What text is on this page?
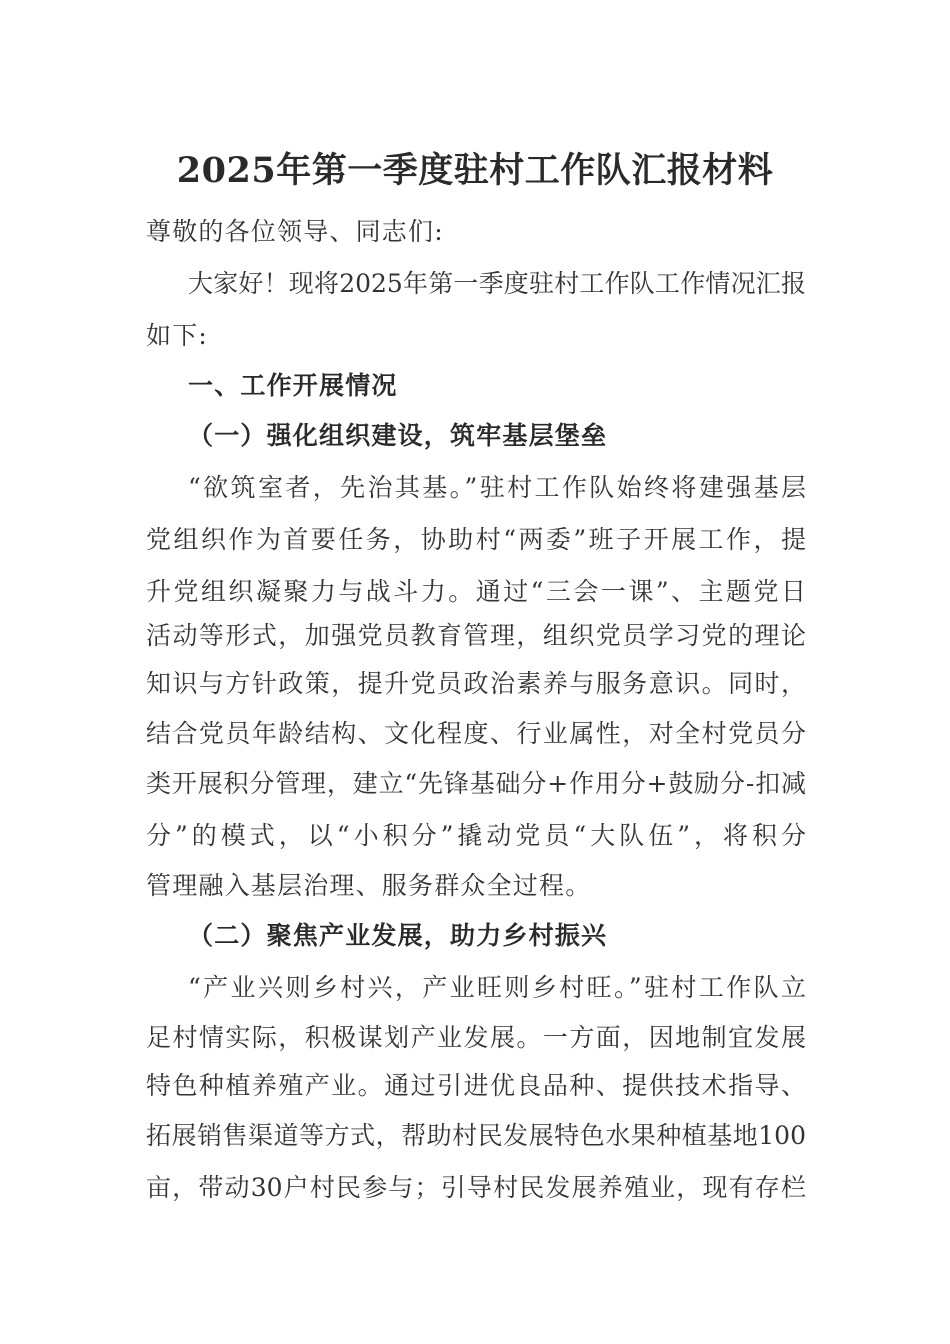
2025年第一季度驻村工作队汇报材料
尊敬的各位领导、同志们:
大家好！现将2025年第一季度驻村工作队工作情况汇报
如下:
一、工作开展情况
（一）强化组织建设，筑牢基层堡垒
“欲筑室者，先治其基。”驻村工作队始终将建强基层
党组织作为首要任务，协助村“两委”班子开展工作，提
升党组织凝聚力与战斗力。通过“三会一课”、主题党日
活动等形式，加强党员教育管理，组织党员学习党的理论
知识与方针政策，提升党员政治素养与服务意识。同时，
结合党员年龄结构、文化程度、行业属性，对全村党员分
类开展积分管理，建立“先锋基础分+作用分+鼓励分-扣减
分”的模式，以“小积分”撬动党员“大队伍”，将积分
管理融入基层治理、服务群众全过程。
（二）聚焦产业发展，助力乡村振兴
“产业兴则乡村兴，产业旺则乡村旺。”驻村工作队立
足村情实际，积极谋划产业发展。一方面，因地制宜发展
特色种植养殖产业。通过引进优良品种、提供技术指导、
拓展销售渠道等方式，帮助村民发展特色水果种植基地100
亩，带动30户村民参与；引导村民发展养殖业，现有存栏
